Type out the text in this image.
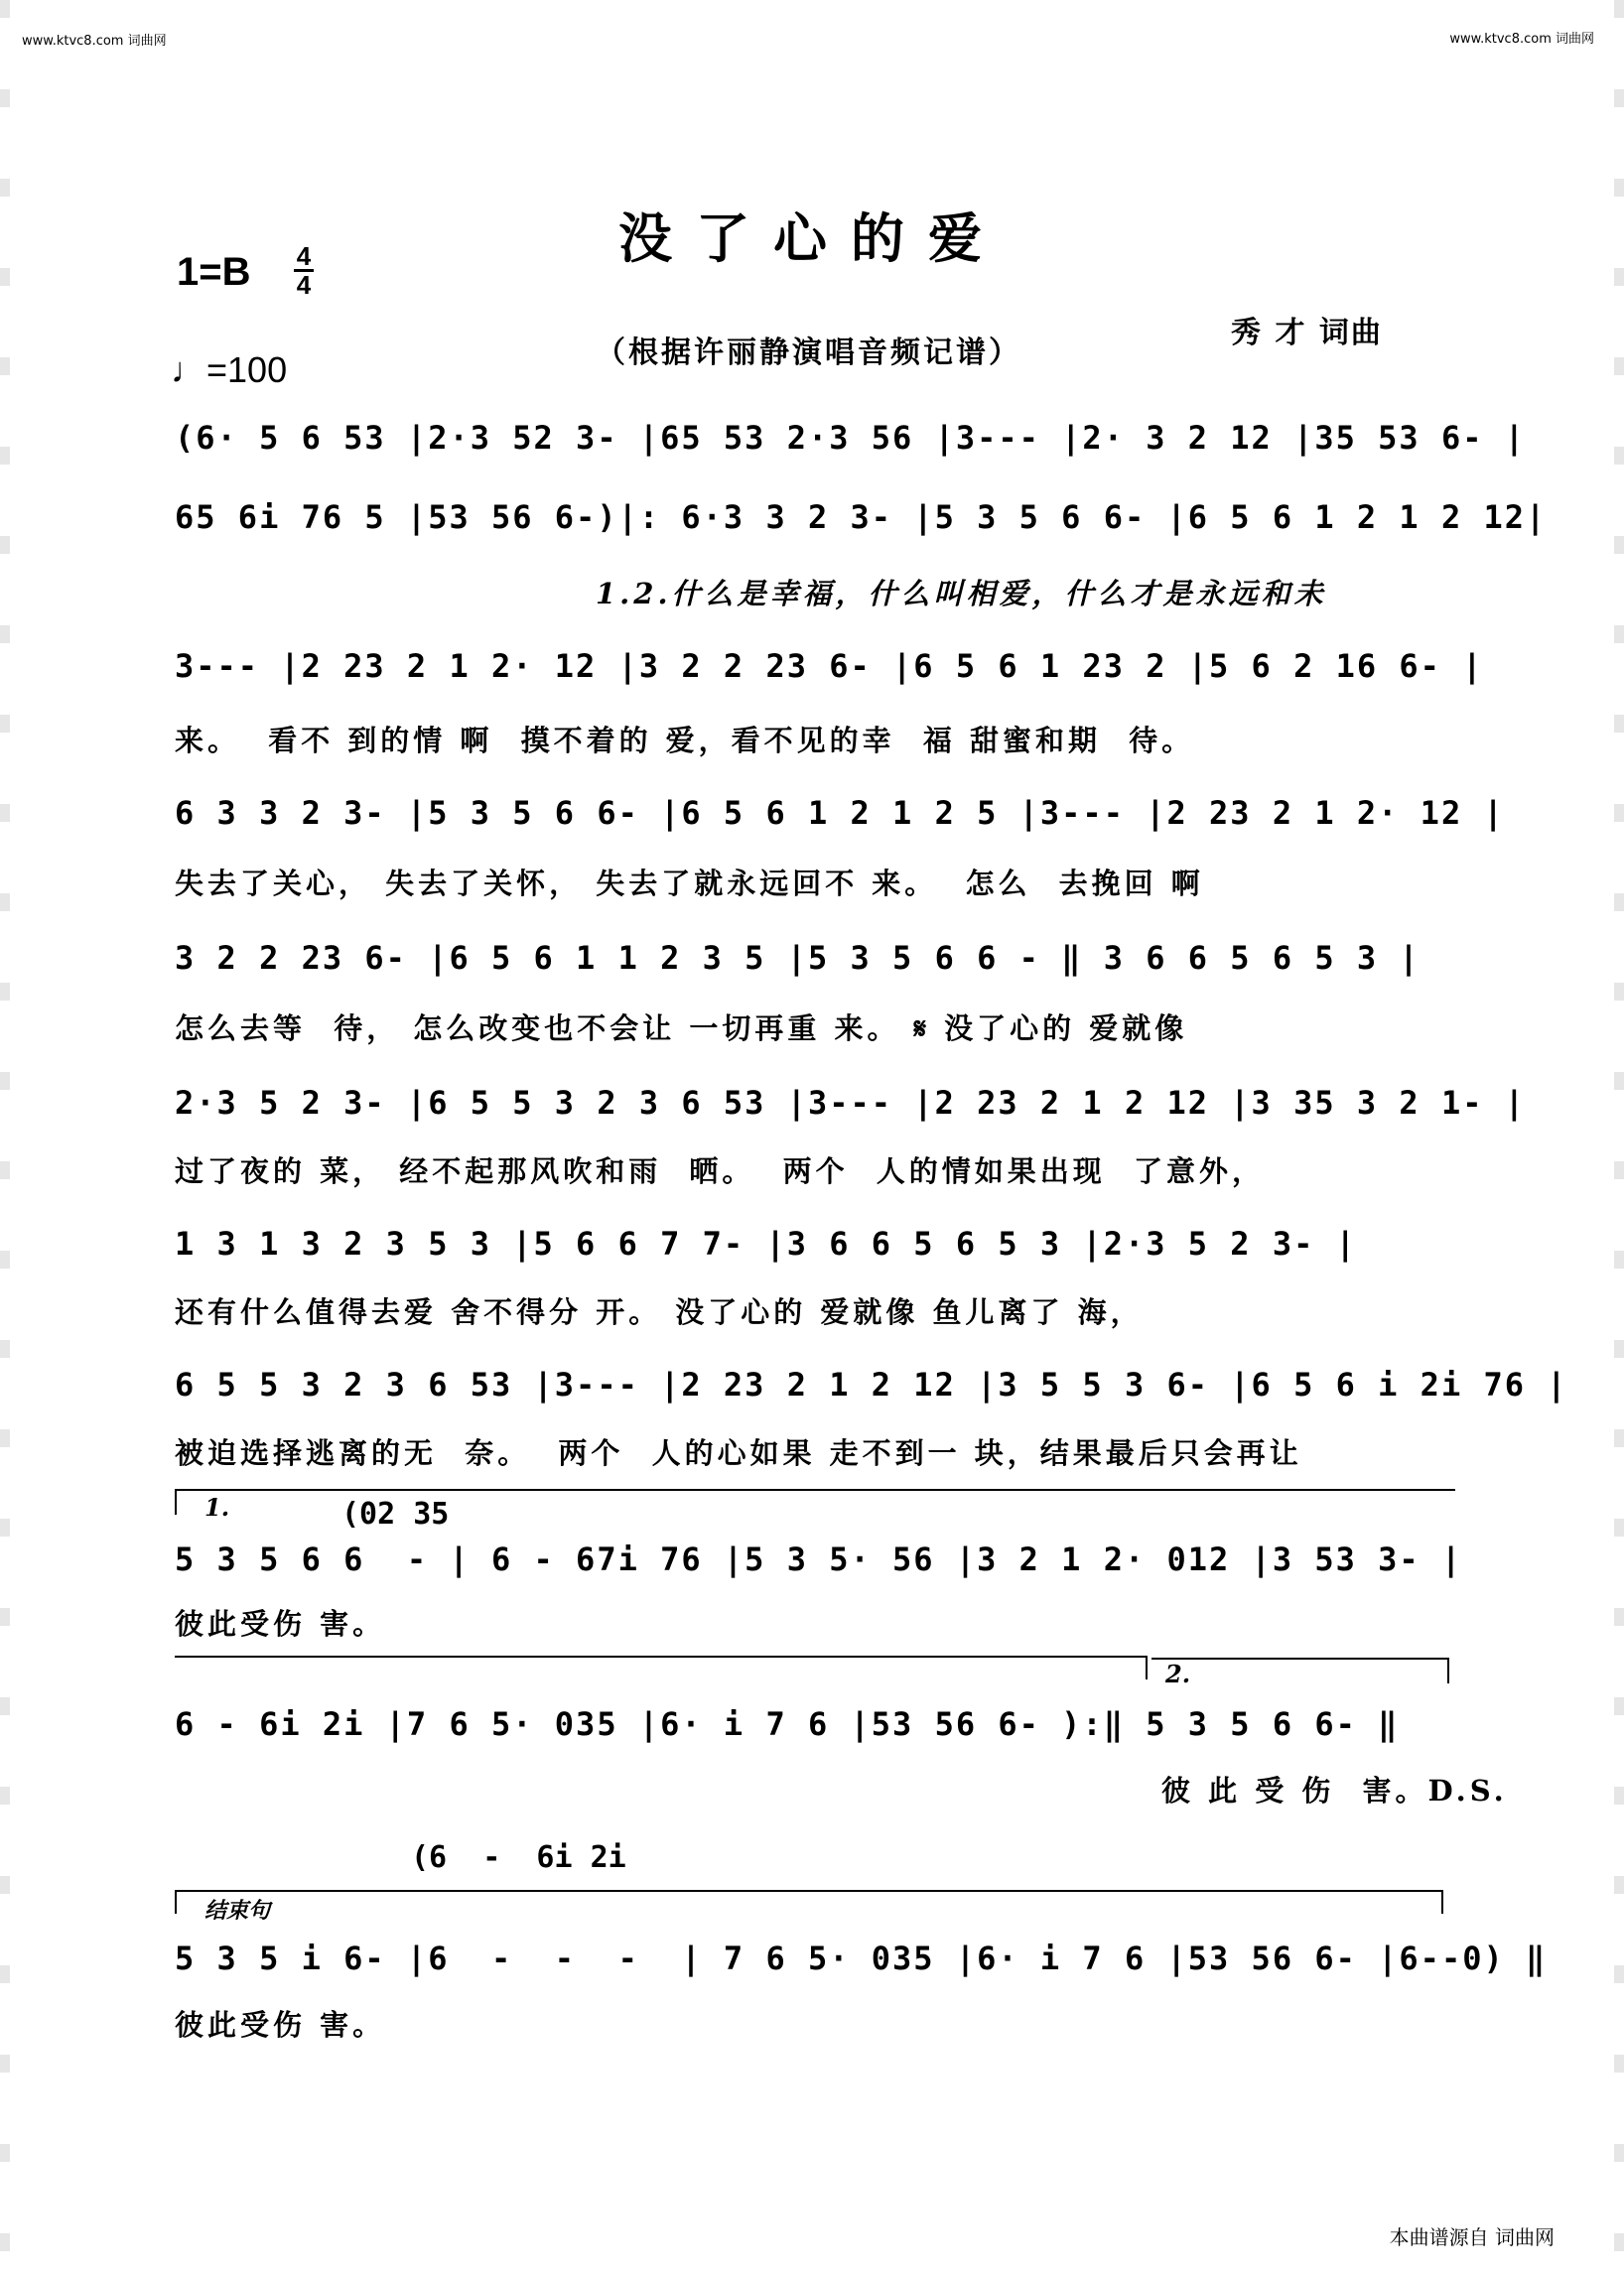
www.ktvc8.com 词曲网	www.ktvc8.com 词曲网
没了心的爱
1=B 4
4
（根据许丽静演唱音频记谱）
秀 才 词曲
♩=100
(6· 5 6 53 |2·3 52 3- |65 53 2·3 56 |3--- |2· 3 2 12 |35 53 6- |
65 6i 76 5 |53 56 6-)|: 6·3 3 2 3- |5 3 5 6 6- |6 5 6 1 2 1 2 12|
1.2.什么是幸福，什么叫相爱，什么才是永远和未
3--- |2 23 2 1 2· 12 |3 2 2 23 6- |6 5 6 1 23 2 |5 6 2 16 6- |
来。  看不 到的情 啊  摸不着的 爱，看不见的幸  福 甜蜜和期  待。
6 3 3 2 3- |5 3 5 6 6- |6 5 6 1 2 1 2 5 |3--- |2 23 2 1 2· 12 |
失去了关心， 失去了关怀， 失去了就永远回不 来。  怎么  去挽回 啊
3 2 2 23 6- |6 5 6 1 1 2 3 5 |5 3 5 6 6 - ‖ 3 6 6 5 6 5 3 |
怎么去等  待， 怎么改变也不会让 一切再重 来。 𝄋 没了心的 爱就像
2·3 5 2 3- |6 5 5 3 2 3 6 53 |3--- |2 23 2 1 2 12 |3 35 3 2 1- |
过了夜的 菜， 经不起那风吹和雨  晒。  两个  人的情如果出现  了意外，
1 3 1 3 2 3 5 3 |5 6 6 7 7- |3 6 6 5 6 5 3 |2·3 5 2 3- |
还有什么值得去爱 舍不得分 开。 没了心的 爱就像 鱼儿离了 海，
6 5 5 3 2 3 6 53 |3--- |2 23 2 1 2 12 |3 5 5 3 6- |6 5 6 i 2i 76 |
被迫选择逃离的无  奈。  两个  人的心如果 走不到一 块，结果最后只会再让
1.	(02 35
5 3 5 6 6  - | 6 - 67i 76 |5 3 5· 56 |3 2 1 2· 012 |3 53 3- |
彼此受伤 害。
2.
6 - 6i 2i |7 6 5· 035 |6· i 7 6 |53 56 6- ):‖ 5 3 5 6 6- ‖
彼 此 受 伤  害。D.S.
(6  -  6i 2i
结束句
5 3 5 i 6- |6  -  -  -  | 7 6 5· 035 |6· i 7 6 |53 56 6- |6--0) ‖
彼此受伤 害。
本曲谱源自 词曲网
